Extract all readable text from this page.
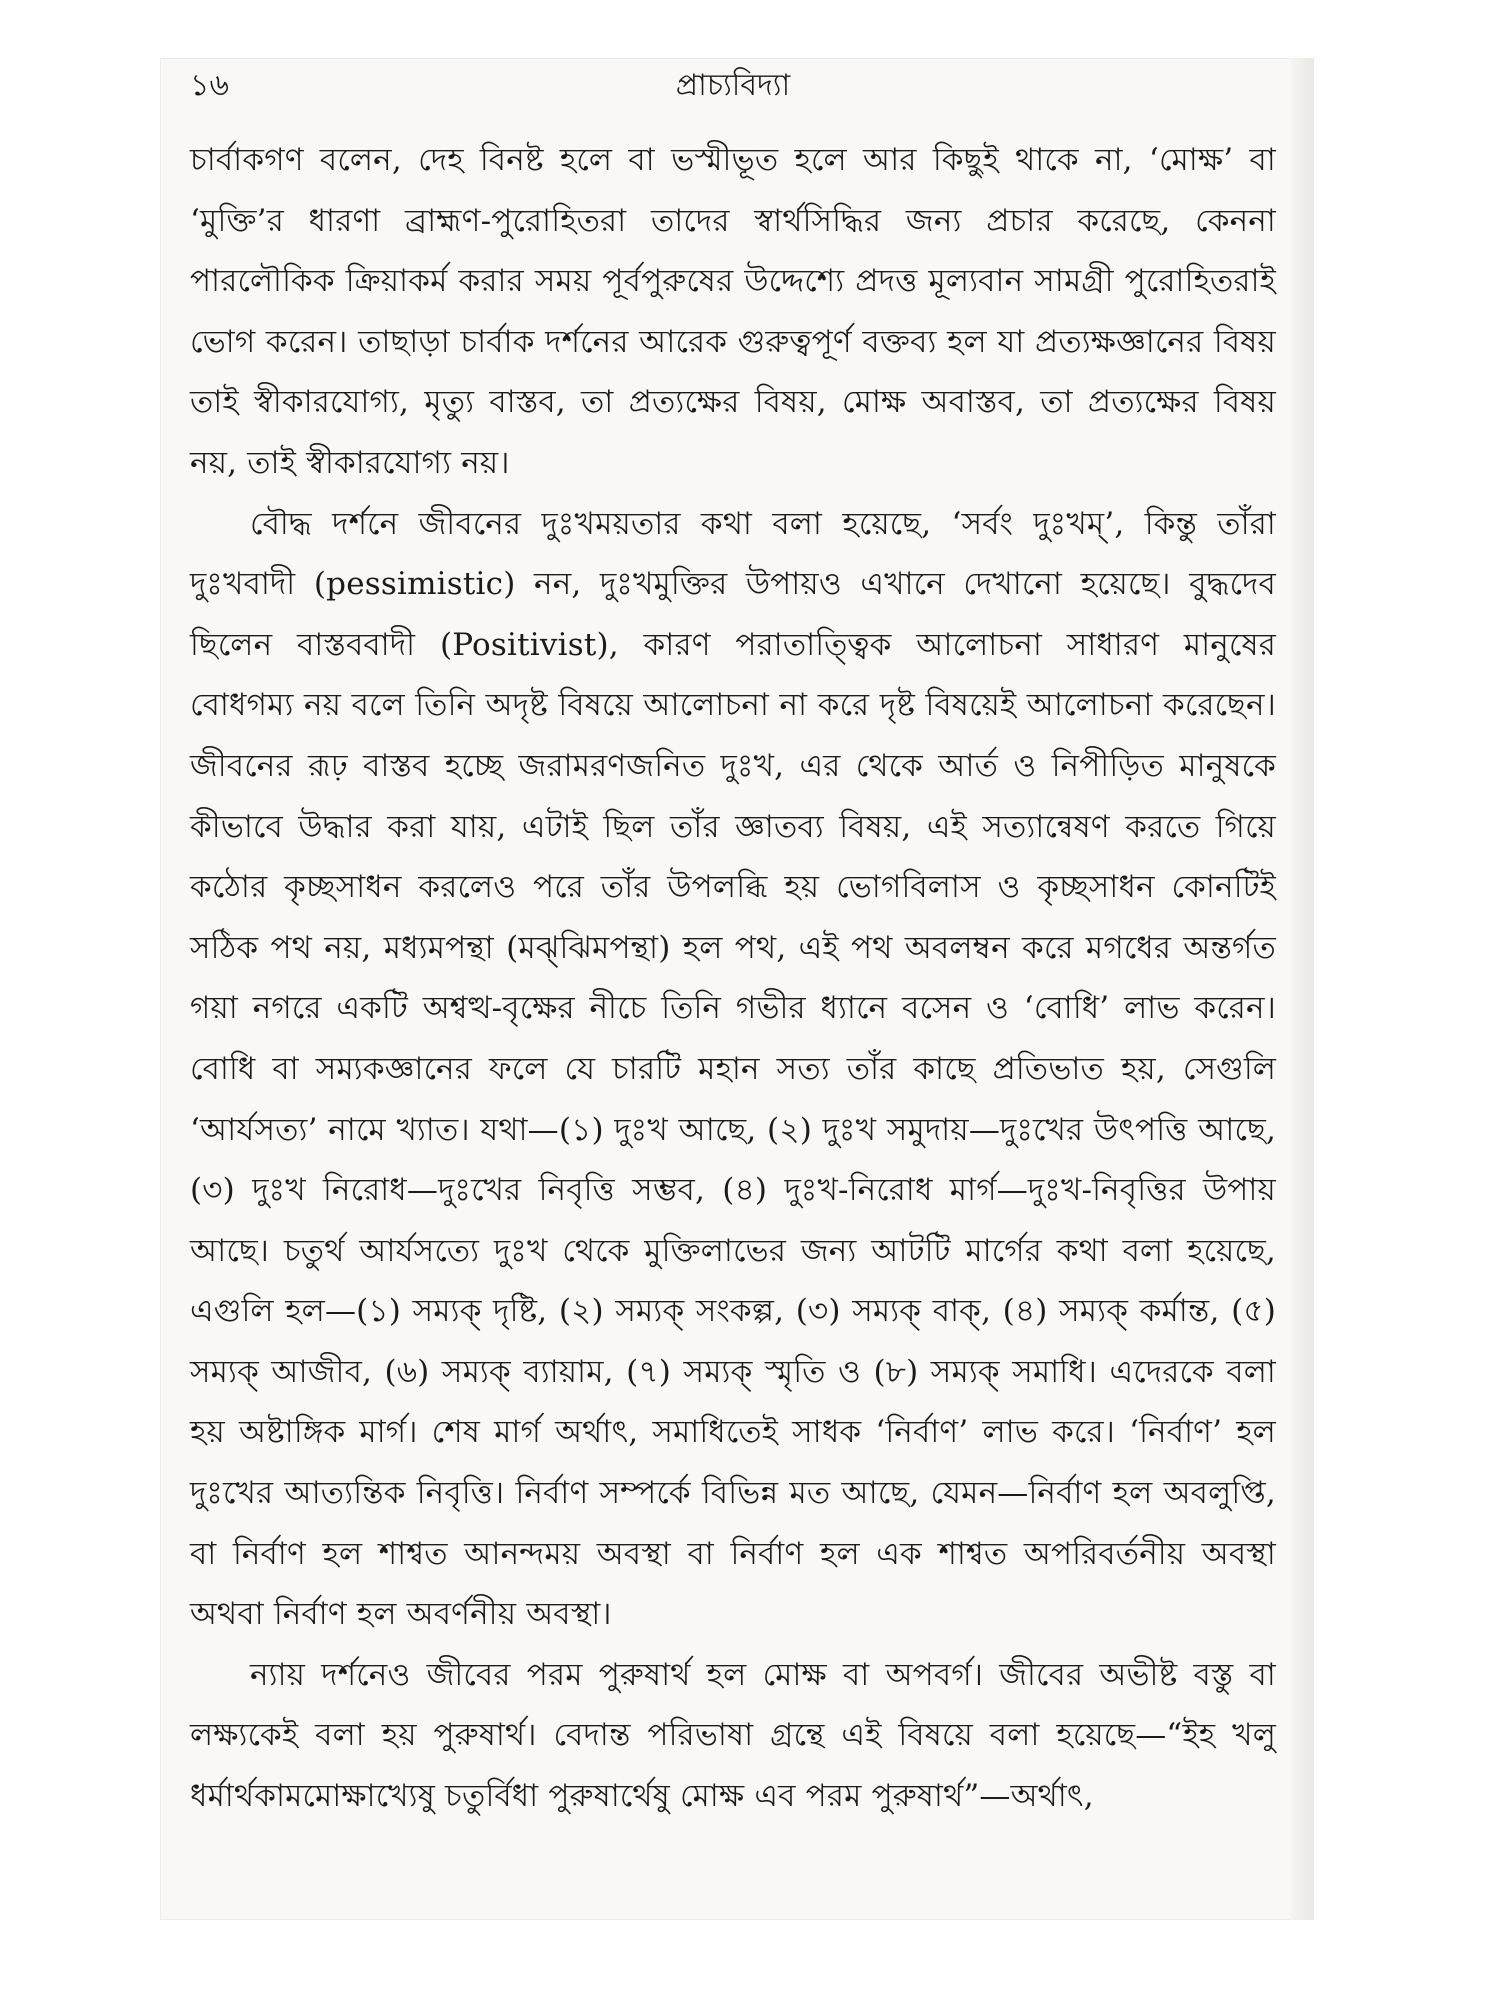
১৬	প্রাচ্যবিদ্যা

চার্বাকগণ বলেন, দেহ বিনষ্ট হলে বা ভস্মীভূত হলে আর কিছুই থাকে না, ‘মোক্ষ’ বা ‘মুক্তি’র ধারণা ব্রাহ্মণ-পুরোহিতরা তাদের স্বার্থসিদ্ধির জন্য প্রচার করেছে, কেননা পারলৌকিক ক্রিয়াকর্ম করার সময় পূর্বপুরুষের উদ্দেশ্যে প্রদত্ত মূল্যবান সামগ্রী পুরোহিতরাই ভোগ করেন। তাছাড়া চার্বাক দর্শনের আরেক গুরুত্বপূর্ণ বক্তব্য হল যা প্রত্যক্ষজ্ঞানের বিষয় তাই স্বীকারযোগ্য, মৃত্যু বাস্তব, তা প্রত্যক্ষের বিষয়, মোক্ষ অবাস্তব, তা প্রত্যক্ষের বিষয় নয়, তাই স্বীকারযোগ্য নয়।

বৌদ্ধ দর্শনে জীবনের দুঃখময়তার কথা বলা হয়েছে, ‘সর্বং দুঃখম্’, কিন্তু তাঁরা দুঃখবাদী (pessimistic) নন, দুঃখমুক্তির উপায়ও এখানে দেখানো হয়েছে। বুদ্ধদেব ছিলেন বাস্তববাদী (Positivist), কারণ পরাতাত্ত্বিক আলোচনা সাধারণ মানুষের বোধগম্য নয় বলে তিনি অদৃষ্ট বিষয়ে আলোচনা না করে দৃষ্ট বিষয়েই আলোচনা করেছেন। জীবনের রূঢ় বাস্তব হচ্ছে জরামরণজনিত দুঃখ, এর থেকে আর্ত ও নিপীড়িত মানুষকে কীভাবে উদ্ধার করা যায়, এটাই ছিল তাঁর জ্ঞাতব্য বিষয়, এই সত্যান্বেষণ করতে গিয়ে কঠোর কৃচ্ছসাধন করলেও পরে তাঁর উপলব্ধি হয় ভোগবিলাস ও কৃচ্ছসাধন কোনটিই সঠিক পথ নয়, মধ্যমপন্থা (মঝ্‌ঝিমপন্থা) হল পথ, এই পথ অবলম্বন করে মগধের অন্তর্গত গয়া নগরে একটি অশ্বত্থ-বৃক্ষের নীচে তিনি গভীর ধ্যানে বসেন ও ‘বোধি’ লাভ করেন। বোধি বা সম্যকজ্ঞানের ফলে যে চারটি মহান সত্য তাঁর কাছে প্রতিভাত হয়, সেগুলি ‘আর্যসত্য’ নামে খ্যাত। যথা—(১) দুঃখ আছে, (২) দুঃখ সমুদায়—দুঃখের উৎপত্তি আছে, (৩) দুঃখ নিরোধ—দুঃখের নিবৃত্তি সম্ভব, (৪) দুঃখ-নিরোধ মার্গ—দুঃখ-নিবৃত্তির উপায় আছে। চতুর্থ আর্যসত্যে দুঃখ থেকে মুক্তিলাভের জন্য আটটি মার্গের কথা বলা হয়েছে, এগুলি হল—(১) সম্যক্ দৃষ্টি, (২) সম্যক্ সংকল্প, (৩) সম্যক্ বাক্, (৪) সম্যক্ কর্মান্ত, (৫) সম্যক্ আজীব, (৬) সম্যক্ ব্যায়াম, (৭) সম্যক্ স্মৃতি ও (৮) সম্যক্ সমাধি। এদেরকে বলা হয় অষ্টাঙ্গিক মার্গ। শেষ মার্গ অর্থাৎ, সমাধিতেই সাধক ‘নির্বাণ’ লাভ করে। ‘নির্বাণ’ হল দুঃখের আত্যন্তিক নিবৃত্তি। নির্বাণ সম্পর্কে বিভিন্ন মত আছে, যেমন—নির্বাণ হল অবলুপ্তি, বা নির্বাণ হল শাশ্বত আনন্দময় অবস্থা বা নির্বাণ হল এক শাশ্বত অপরিবর্তনীয় অবস্থা অথবা নির্বাণ হল অবর্ণনীয় অবস্থা।

ন্যায় দর্শনেও জীবের পরম পুরুষার্থ হল মোক্ষ বা অপবর্গ। জীবের অভীষ্ট বস্তু বা লক্ষ্যকেই বলা হয় পুরুষার্থ। বেদান্ত পরিভাষা গ্রন্থে এই বিষয়ে বলা হয়েছে—“ইহ খলু ধর্মার্থকামমোক্ষাখ্যেষু চতুর্বিধা পুরুষার্থেষু মোক্ষ এব পরম পুরুষার্থ”—অর্থাৎ,
